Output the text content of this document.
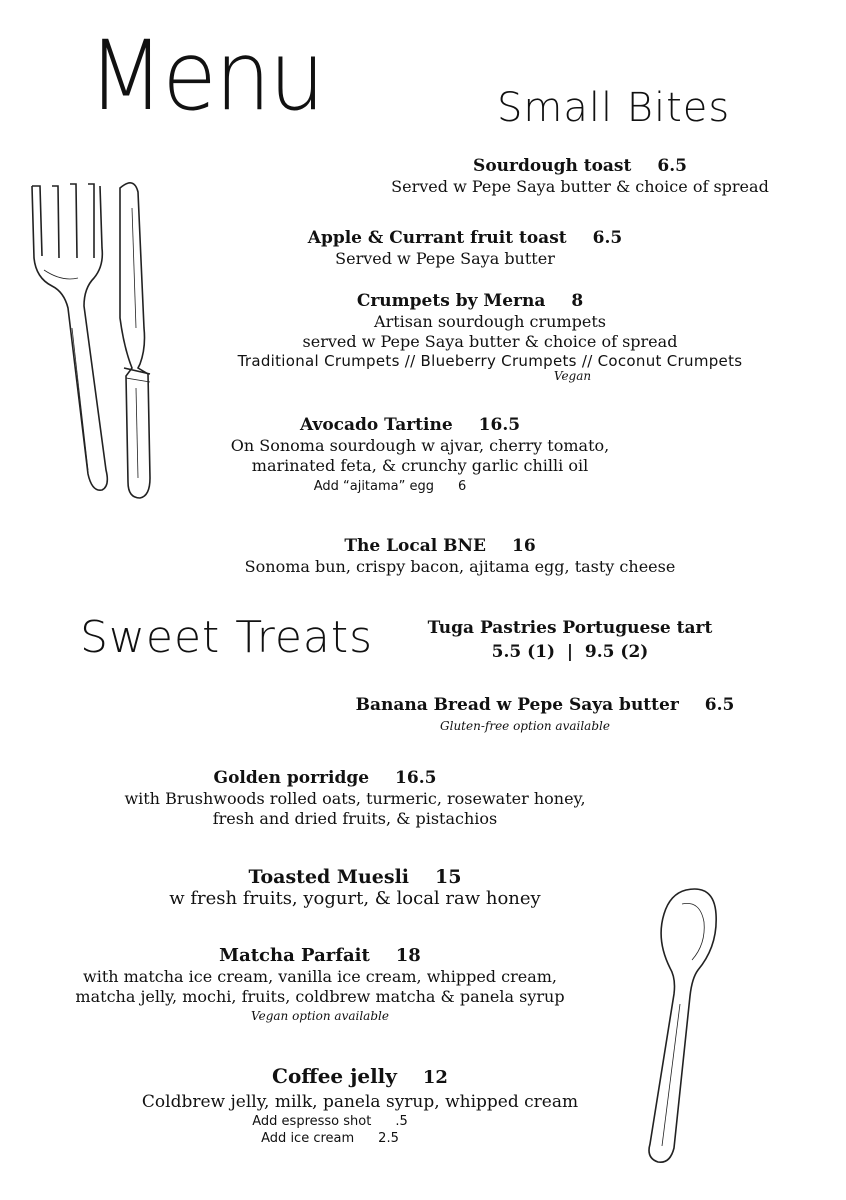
Menu	Small Bites
Sweet Treats
Sourdough toast 6.5
Served w Pepe Saya butter & choice of spread
Apple & Currant fruit toast 6.5
Served w Pepe Saya butter
Crumpets by Merna 8
Artisan sourdough crumpets
served w Pepe Saya butter & choice of spread
Traditional Crumpets // Blueberry Crumpets // Coconut Crumpets
Vegan
Avocado Tartine 16.5
On Sonoma sourdough w ajvar, cherry tomato,
marinated feta, & crunchy garlic chilli oil
Add “ajitama” egg 6
The Local BNE 16
Sonoma bun, crispy bacon, ajitama egg, tasty cheese
Tuga Pastries Portuguese tart
5.5 (1)  |  9.5 (2)
Banana Bread w Pepe Saya butter 6.5
Gluten-free option available
Golden porridge 16.5
with Brushwoods rolled oats, turmeric, rosewater honey,
fresh and dried fruits, & pistachios
Toasted Muesli 15
w fresh fruits, yogurt, & local raw honey
Matcha Parfait 18
with matcha ice cream, vanilla ice cream, whipped cream,
matcha jelly, mochi, fruits, coldbrew matcha & panela syrup
Vegan option available
Coffee jelly 12
Coldbrew jelly, milk, panela syrup, whipped cream
Add espresso shot .5
Add ice cream 2.5
